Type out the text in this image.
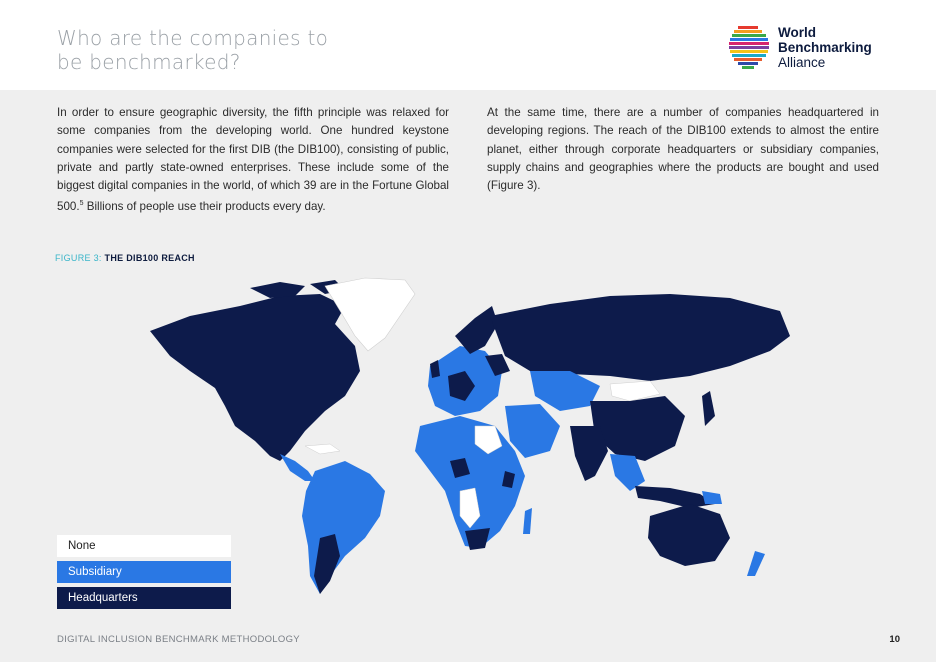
Who are the companies to
be benchmarked?
World
Benchmarking
Alliance
In order to ensure geographic diversity, the fifth principle was relaxed for some companies from the developing world. One hundred keystone companies were selected for the first DIB (the DIB100), consisting of public, private and partly state-owned enterprises. These include some of the biggest digital companies in the world, of which 39 are in the Fortune Global 500.$^5$ Billions of people use their products every day.
At the same time, there are a number of companies headquartered in developing regions. The reach of the DIB100 extends to almost the entire planet, either through corporate headquarters or subsidiary companies, supply chains and geographies where the products are bought and used (Figure 3).
FIGURE 3: THE DIB100 REACH
None
Subsidiary
Headquarters
DIGITAL INCLUSION BENCHMARK METHODOLOGY	10
